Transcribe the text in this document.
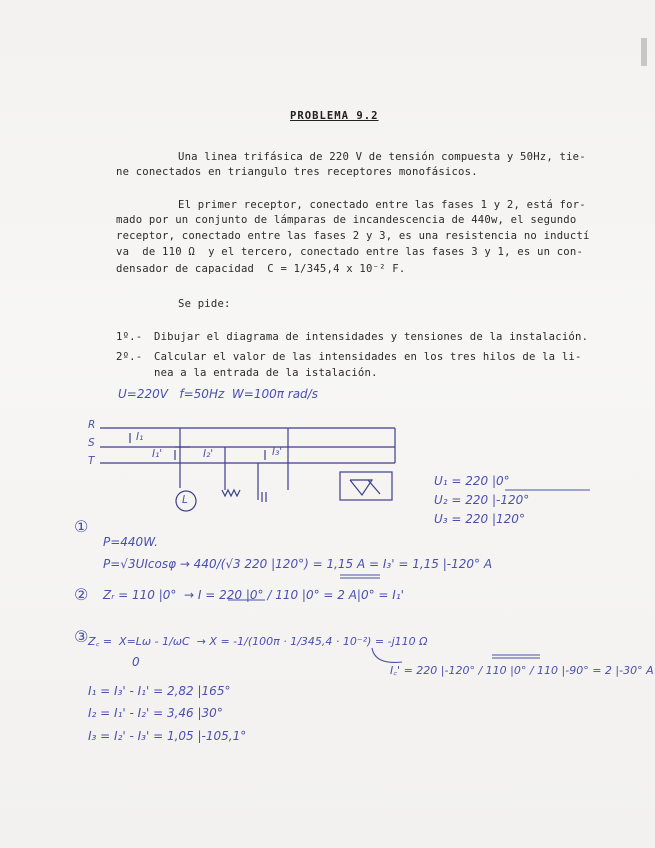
PROBLEMA 9.2
Una linea trifásica de 220 V de tensión compuesta y 50Hz, tie-
ne conectados en triangulo tres receptores monofásicos.
El primer receptor, conectado entre las fases 1 y 2, está for-
mado por un conjunto de lámparas de incandescencia de 440w, el segundo
receptor, conectado entre las fases 2 y 3, es una resistencia no inductí
va  de 110 Ω  y el tercero, conectado entre las fases 3 y 1, es un con-
densador de capacidad  C = 1/345,4 x 10⁻² F.
Se pide:
1º.- Dibujar el diagrama de intensidades y tensiones de la instalación.
2º.- Calcular el valor de las intensidades en los tres hilos de la li-
nea a la entrada de la istalación.
U=220V   f=50Hz  W=100π rad/s
R
S
T
I₁
I₁'	I₂'	I₃'
L
U₁ = 220 |0°
U₂ = 220 |-120°
U₃ = 220 |120°
①
P=440W.
P=√3UIcosφ → 440/(√3 220 |120°) = 1,15 A = I₃' = 1,15 |-120° A
② Zᵣ = 110 |0°  → I = 220 |0° / 110 |0° = 2 A|0° = I₁'
③ Z꜀ =  X=Lω - 1/ωC  → X = -1/(100π · 1/345,4 · 10⁻²) = -j110 Ω
0
I꜀' = 220 |-120° / 110 |0° / 110 |-90° = 2 |-30° A
I₁ = I₃' - I₁' = 2,82 |165°
I₂ = I₁' - I₂' = 3,46 |30°
I₃ = I₂' - I₃' = 1,05 |-105,1°
